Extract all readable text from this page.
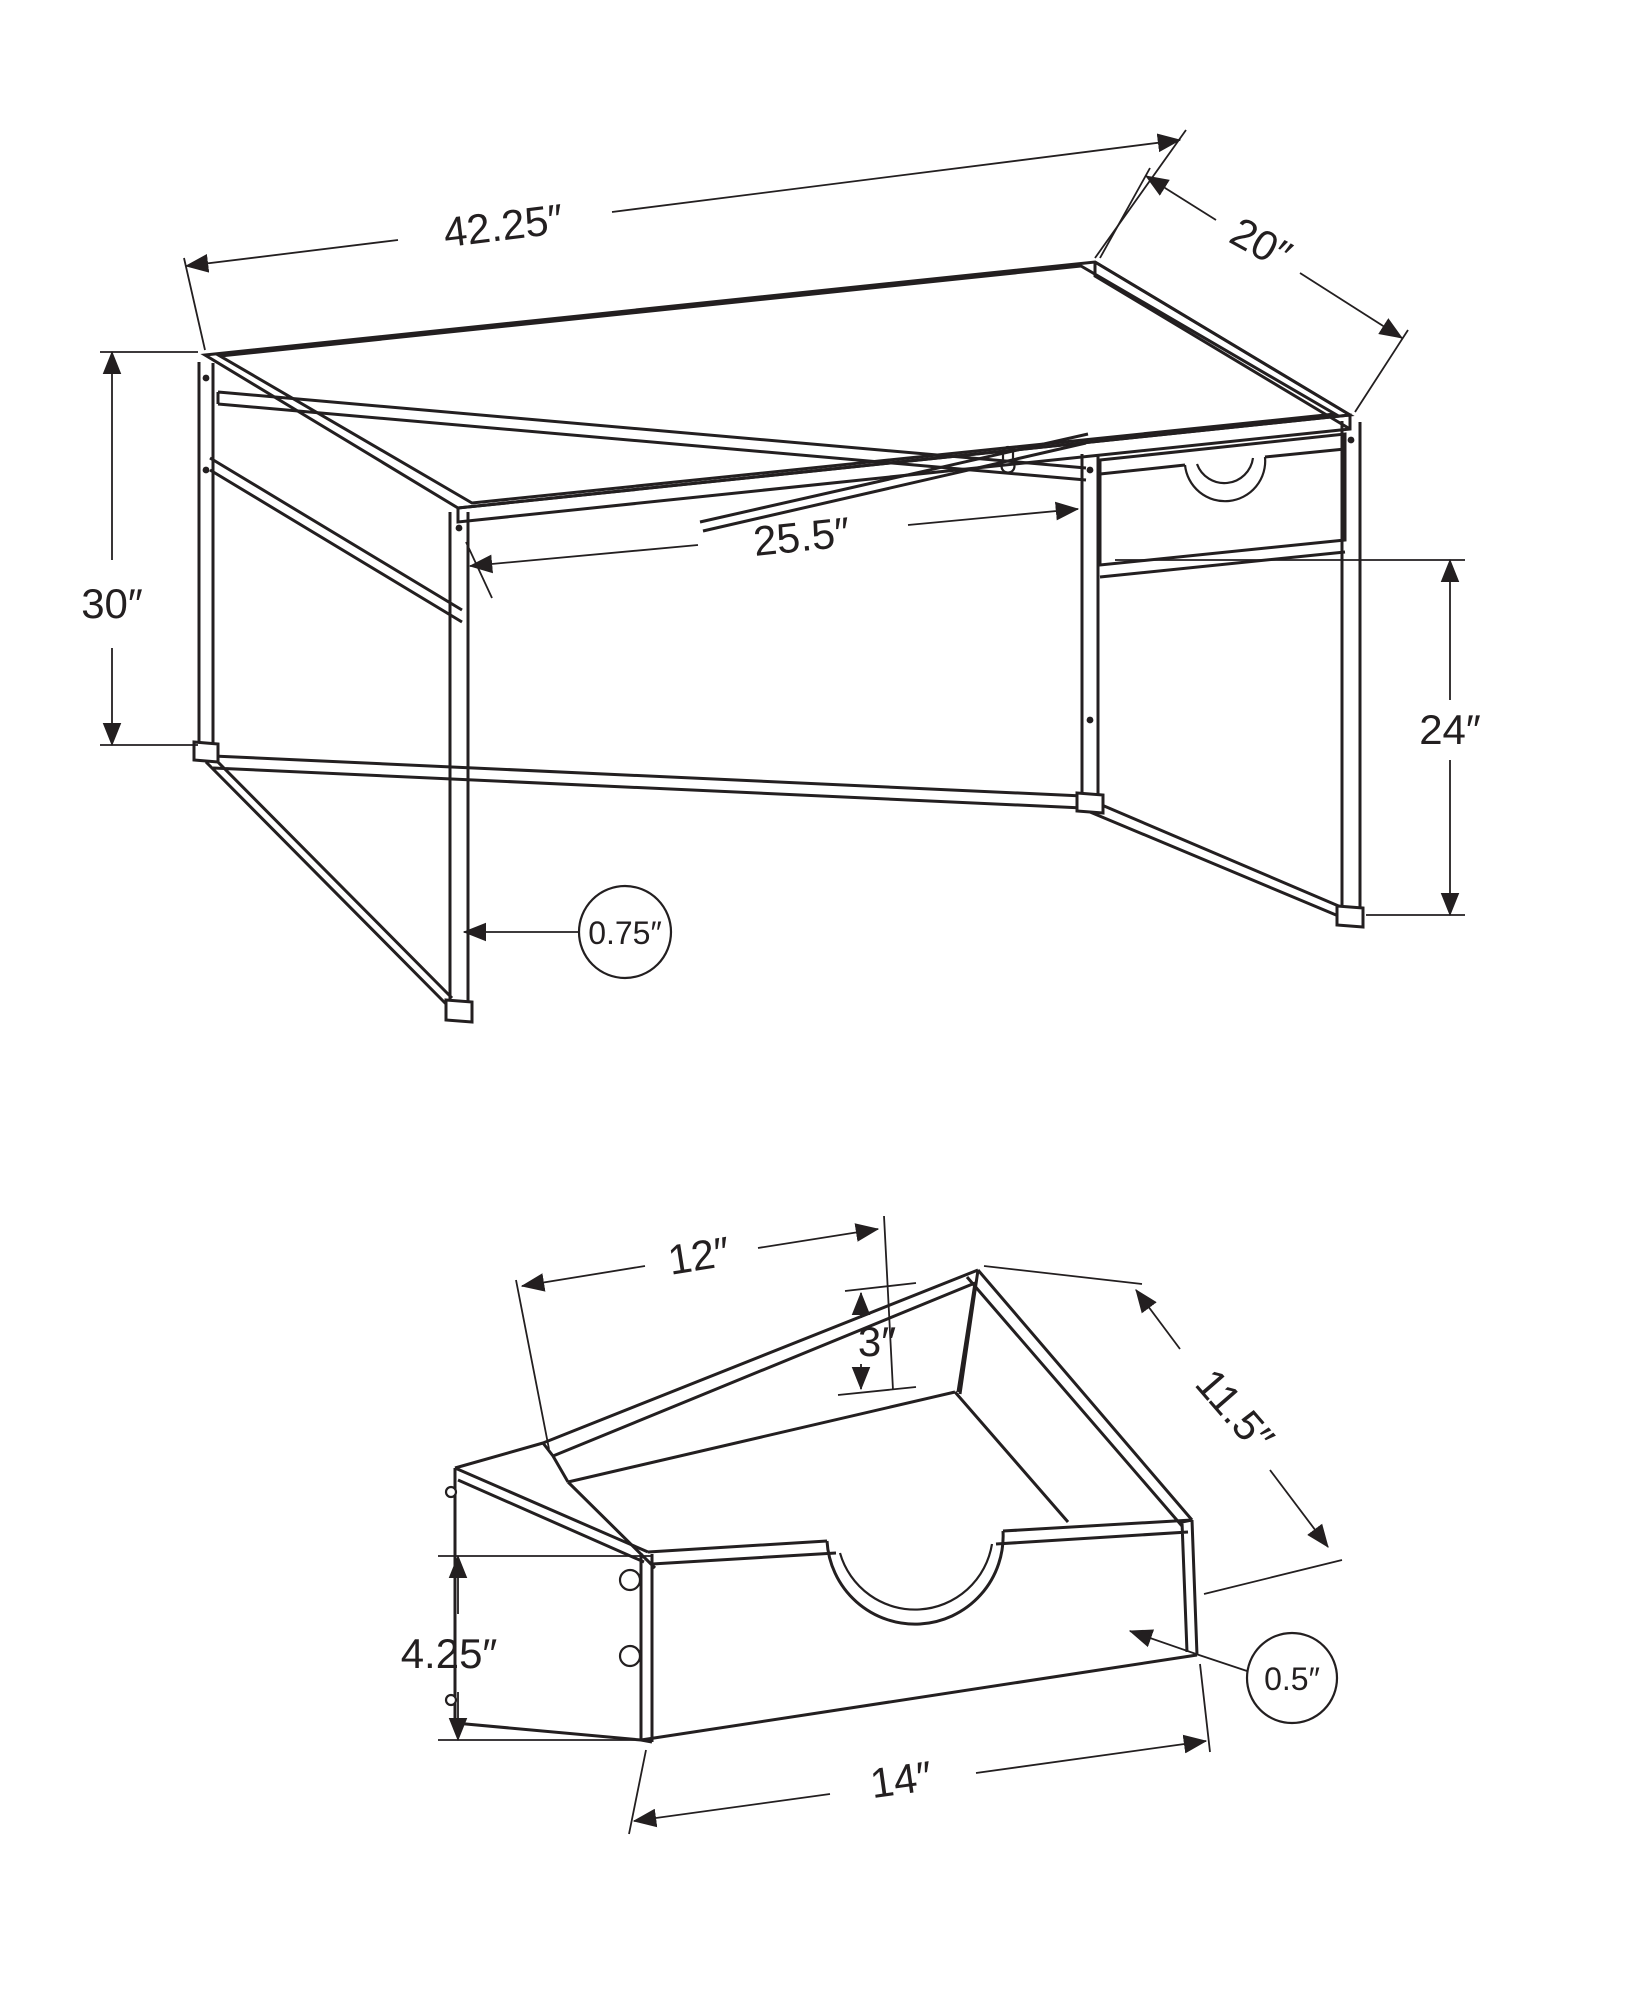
42.25″	20″
30″
25.5″
24″
0.75″
12″
3″
11.5″
4.25″
14″
0.5″
